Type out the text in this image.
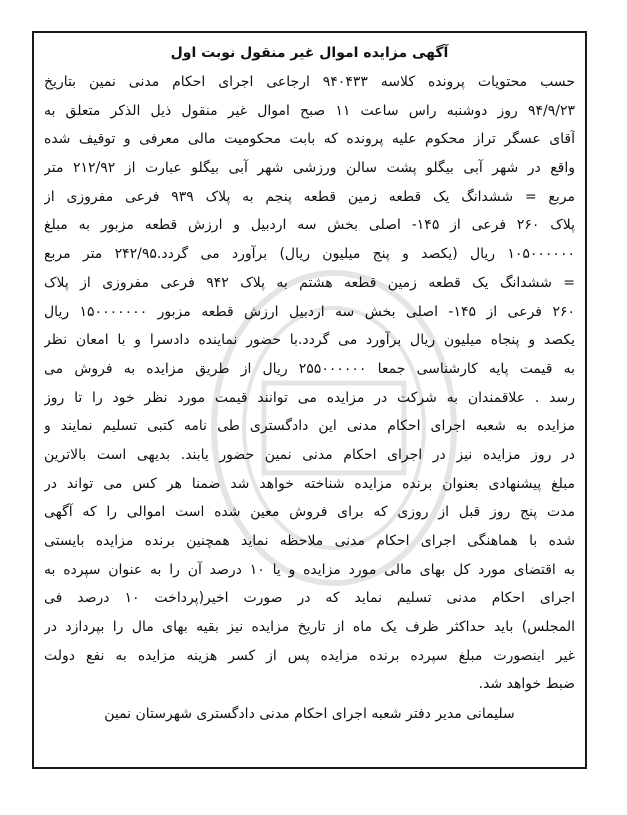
آگهی مزایده اموال غیر منقول نوبت اول
حسب محتویات پرونده کلاسه ۹۴۰۴۳۳ ارجاعی اجرای احکام مدنی نمین بتاریخ
۹۴/۹/۲۳ روز دوشنبه راس ساعت ۱۱ صبح اموال غیر منقول ذیل الذکر متعلق به
آقای عسگر تراز محکوم علیه پرونده که بابت محکومیت مالی معرفی و توقیف شده
واقع در شهر آبی بیگلو پشت سالن ورزشی شهر آبی بیگلو عبارت از ۲۱۲/۹۲ متر
مربع = ششدانگ یک قطعه زمین قطعه پنجم به پلاک ۹۳۹ فرعی مفروزی از
پلاک ۲۶۰ فرعی از ۱۴۵- اصلی بخش سه اردبیل و ارزش قطعه مزبور به مبلغ
۱۰۵۰۰۰۰۰۰ ریال (یکصد و پنج میلیون ریال) برآورد می گردد.۲۴۲/۹۵ متر مربع
= ششدانگ یک قطعه زمین قطعه هشتم به پلاک ۹۴۲ فرعی مفروزی از پلاک
۲۶۰ فرعی از ۱۴۵- اصلی بخش سه اردبیل ارزش قطعه مزبور ۱۵۰۰۰۰۰۰۰ ریال
یکصد و پنجاه میلیون ریال برآورد می گردد.با حضور نماینده دادسرا و با امعان نظر
به قیمت پایه کارشناسی جمعا ۲۵۵۰۰۰۰۰۰ ریال از طریق مزایده به فروش می
رسد . علاقمندان به شرکت در مزایده می توانند قیمت مورد نظر خود را تا روز
مزایده به شعبه اجرای احکام مدنی این دادگستری طی نامه کتبی تسلیم نمایند و
در روز مزایده نیز در اجرای احکام مدنی نمین حضور یابند. بدیهی است بالاترین
مبلغ پیشنهادی بعنوان برنده مزایده شناخته خواهد شد ضمنا هر کس می تواند در
مدت پنج روز قبل از روزی که برای فروش معین شده است اموالی را که آگهی
شده با هماهنگی اجرای احکام مدنی ملاحظه نماید همچنین برنده مزایده بایستی
به اقتضای مورد کل بهای مالی مورد مزایده و یا ۱۰ درصد آن را به عنوان سپرده به
اجرای احکام مدنی تسلیم نماید که در صورت اخیر(پرداخت ۱۰ درصد فی
المجلس) باید حداکثر ظرف یک ماه از تاریخ مزایده نیز بقیه بهای مال را بپردازد در
غیر اینصورت مبلغ سپرده برنده مزایده پس از کسر هزینه مزایده به نفع دولت
ضبط خواهد شد.
سلیمانی مدیر دفتر شعبه اجرای احکام مدنی دادگستری شهرستان نمین
